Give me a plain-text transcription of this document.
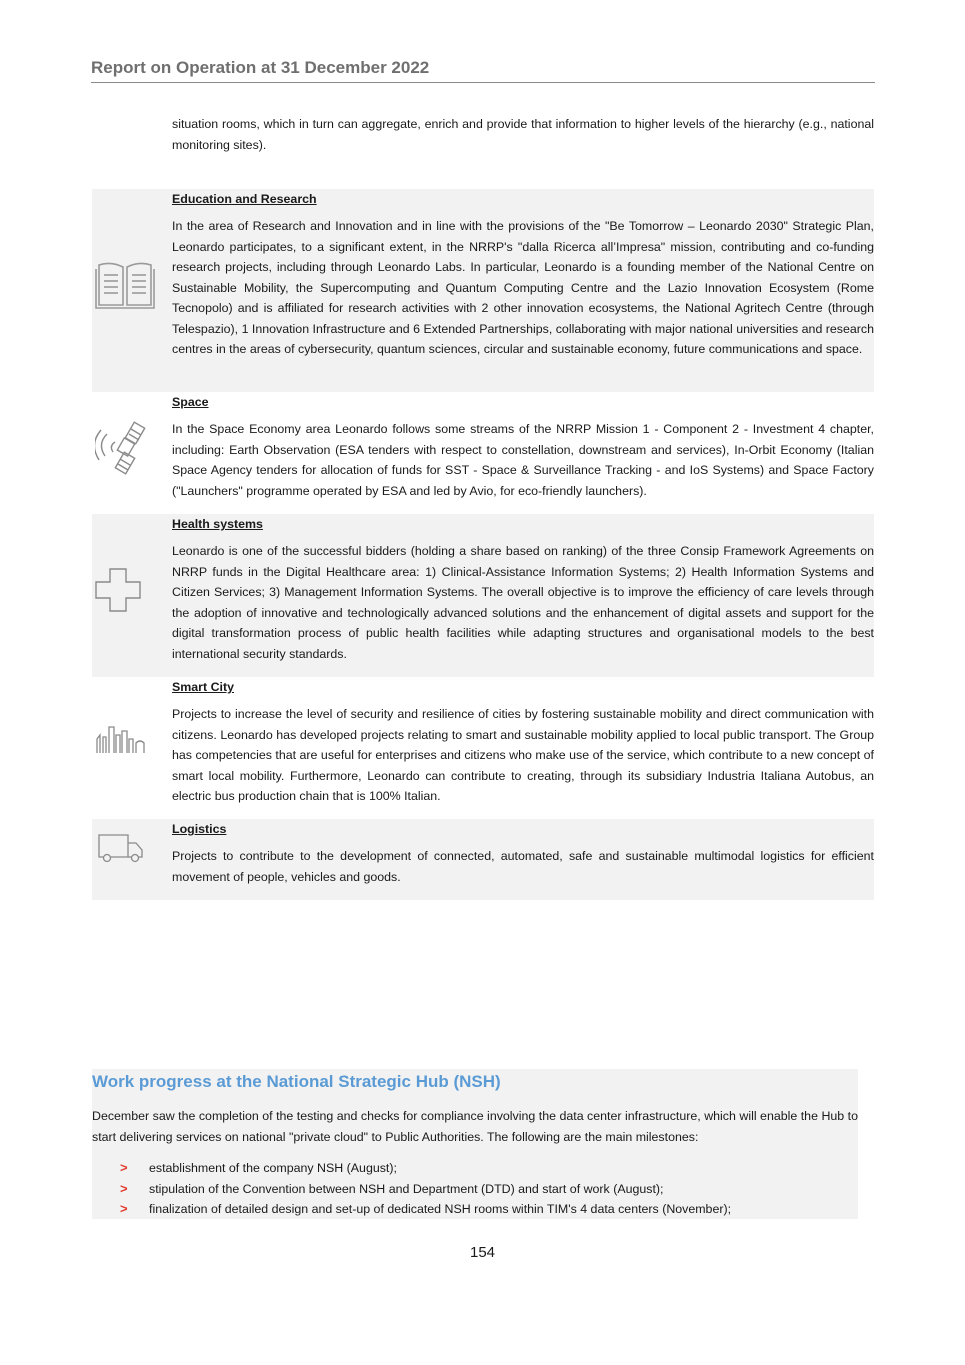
Report on Operation at 31 December 2022

situation rooms, which in turn can aggregate, enrich and provide that information to higher levels of the hierarchy (e.g., national monitoring sites).

Education and Research

In the area of Research and Innovation and in line with the provisions of the "Be Tomorrow – Leonardo 2030" Strategic Plan, Leonardo participates, to a significant extent, in the NRRP's "dalla Ricerca all’Impresa" mission, contributing and co-funding research projects, including through Leonardo Labs. In particular, Leonardo is a founding member of the National Centre on Sustainable Mobility, the Supercomputing and Quantum Computing Centre and the Lazio Innovation Ecosystem (Rome Tecnopolo) and is affiliated for research activities with 2 other innovation ecosystems, the National Agritech Centre (through Telespazio), 1 Innovation Infrastructure and 6 Extended Partnerships, collaborating with major national universities and research centres in the areas of cybersecurity, quantum sciences, circular and sustainable economy, future communications and space.

Space

In the Space Economy area Leonardo follows some streams of the NRRP Mission 1 - Component 2 - Investment 4 chapter, including: Earth Observation (ESA tenders with respect to constellation, downstream and services), In-Orbit Economy (Italian Space Agency tenders for allocation of funds for SST - Space & Surveillance Tracking - and IoS Systems) and Space Factory ("Launchers" programme operated by ESA and led by Avio, for eco-friendly launchers).

Health systems

Leonardo is one of the successful bidders (holding a share based on ranking) of the three Consip Framework Agreements on NRRP funds in the Digital Healthcare area: 1) Clinical-Assistance Information Systems; 2) Health Information Systems and Citizen Services; 3) Management Information Systems. The overall objective is to improve the efficiency of care levels through the adoption of innovative and technologically advanced solutions and the enhancement of digital assets and support for the digital transformation process of public health facilities while adapting structures and organisational models to the best international security standards.

Smart City

Projects to increase the level of security and resilience of cities by fostering sustainable mobility and direct communication with citizens. Leonardo has developed projects relating to smart and sustainable mobility applied to local public transport. The Group has competencies that are useful for enterprises and citizens who make use of the service, which contribute to a new concept of smart local mobility. Furthermore, Leonardo can contribute to creating, through its subsidiary Industria Italiana Autobus, an electric bus production chain that is 100% Italian.

Logistics

Projects to contribute to the development of connected, automated, safe and sustainable multimodal logistics for efficient movement of people, vehicles and goods.

Work progress at the National Strategic Hub (NSH)

December saw the completion of the testing and checks for compliance involving the data center infrastructure, which will enable the Hub to start delivering services on national "private cloud" to Public Authorities. The following are the main milestones:

> establishment of the company NSH (August);
> stipulation of the Convention between NSH and Department (DTD) and start of work (August);
> finalization of detailed design and set-up of dedicated NSH rooms within TIM's 4 data centers (November);
154
